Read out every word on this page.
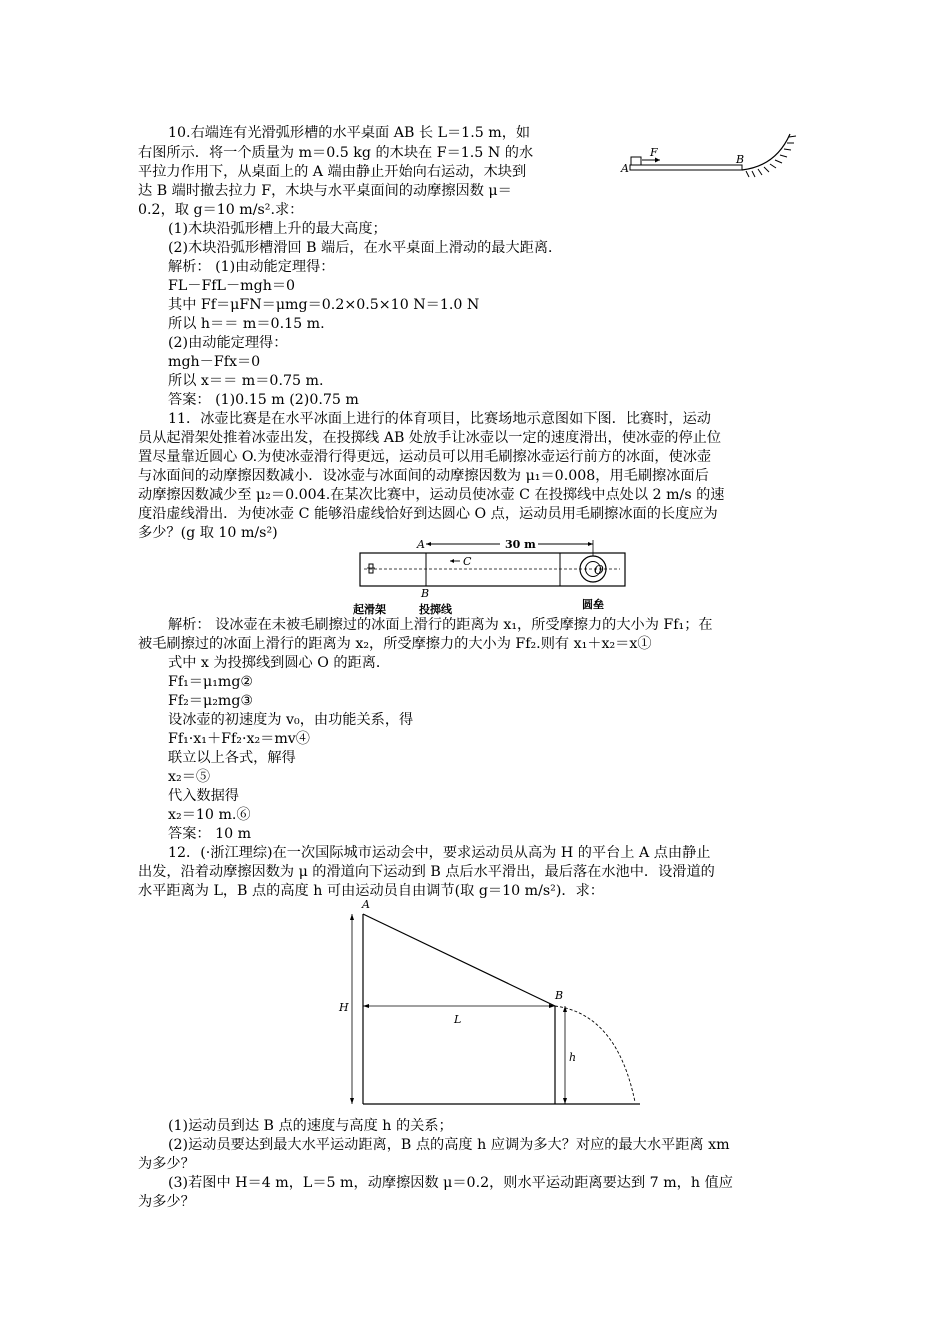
10.右端连有光滑弧形槽的水平桌面 AB 长 L＝1.5 m，如
右图所示．将一个质量为 m＝0.5 kg 的木块在 F＝1.5 N 的水
平拉力作用下，从桌面上的 A 端由静止开始向右运动，木块到
达 B 端时撤去拉力 F，木块与水平桌面间的动摩擦因数 μ＝
0.2，取 g＝10 m/s².求：
(1)木块沿弧形槽上升的最大高度；
(2)木块沿弧形槽滑回 B 端后，在水平桌面上滑动的最大距离．
解析： (1)由动能定理得：
FL－FfL－mgh＝0
其中 Ff＝μFN＝μmg＝0.2×0.5×10 N＝1.0 N
所以 h＝＝ m＝0.15 m.
(2)由动能定理得：
mgh－Ffx＝0
所以 x＝＝ m＝0.75 m.
答案： (1)0.15 m (2)0.75 m
A
F
B
11．冰壶比赛是在水平冰面上进行的体育项目，比赛场地示意图如下图．比赛时，运动
员从起滑架处推着冰壶出发，在投掷线 AB 处放手让冰壶以一定的速度滑出，使冰壶的停止位
置尽量靠近圆心 O.为使冰壶滑行得更远，运动员可以用毛刷擦冰壶运行前方的冰面，使冰壶
与冰面间的动摩擦因数减小．设冰壶与冰面间的动摩擦因数为 μ₁＝0.008，用毛刷擦冰面后
动摩擦因数减少至 μ₂＝0.004.在某次比赛中，运动员使冰壶 C 在投掷线中点处以 2 m/s 的速
度沿虚线滑出．为使冰壶 C 能够沿虚线恰好到达圆心 O 点，运动员用毛刷擦冰面的长度应为
多少？(g 取 10 m/s²)
A	30 m
C
O
B
起滑架	投掷线	圆垒
解析： 设冰壶在未被毛刷擦过的冰面上滑行的距离为 x₁，所受摩擦力的大小为 Ff₁；在
被毛刷擦过的冰面上滑行的距离为 x₂，所受摩擦力的大小为 Ff₂.则有 x₁＋x₂＝x①
式中 x 为投掷线到圆心 O 的距离．
Ff₁＝μ₁mg②
Ff₂＝μ₂mg③
设冰壶的初速度为 v₀，由功能关系，得
Ff₁·x₁＋Ff₂·x₂＝mv④
联立以上各式，解得
x₂＝⑤
代入数据得
x₂＝10 m.⑥
答案： 10 m
12．(·浙江理综)在一次国际城市运动会中，要求运动员从高为 H 的平台上 A 点由静止
出发，沿着动摩擦因数为 μ 的滑道向下运动到 B 点后水平滑出，最后落在水池中．设滑道的
水平距离为 L，B 点的高度 h 可由运动员自由调节(取 g＝10 m/s²)．求：
A
B
H
L
h
(1)运动员到达 B 点的速度与高度 h 的关系；
(2)运动员要达到最大水平运动距离，B 点的高度 h 应调为多大？对应的最大水平距离 xm
为多少？
(3)若图中 H＝4 m，L＝5 m，动摩擦因数 μ＝0.2，则水平运动距离要达到 7 m，h 值应
为多少？
